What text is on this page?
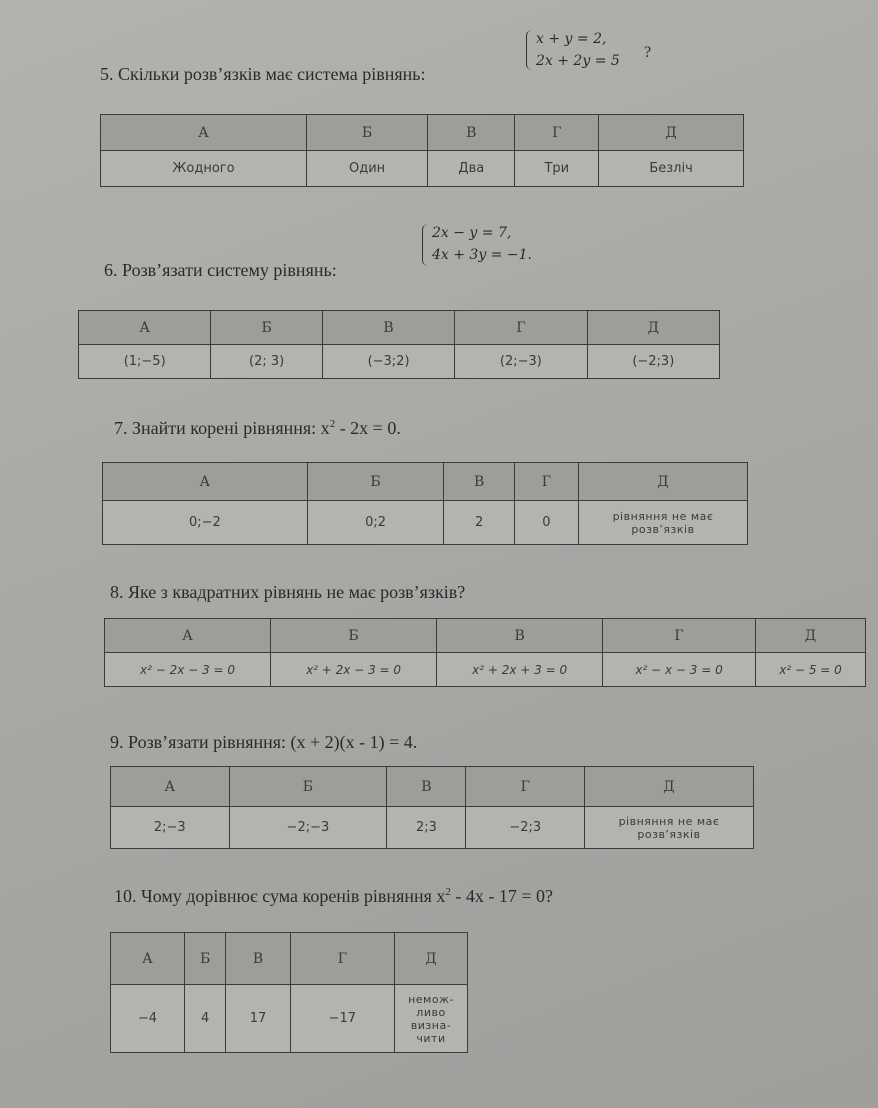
5. Скільки розв’язків має система рівнянь:
x + y = 2,
2x + 2y = 5 ?
А	Б	В	Г	Д
Жодного	Один	Два	Три	Безліч
6. Розв’язати систему рівнянь:
2x − y = 7,
4x + 3y = −1.
А	Б	В	Г	Д
(1;−5)	(2; 3)	(−3;2)	(2;−3)	(−2;3)
7. Знайти корені рівняння: $x^2 - 2x = 0$.
А	Б	В	Г	Д
0;−2	0;2	2	0	рівняння не має розв’язків
8. Яке з квадратних рівнянь не має розв’язків?
А	Б	В	Г	Д
x² − 2x − 3 = 0	x² + 2x − 3 = 0	x² + 2x + 3 = 0	x² − x − 3 = 0	x² − 5 = 0
9. Розв’язати рівняння: (x + 2)(x - 1) = 4.
А	Б	В	Г	Д
2;−3	−2;−3	2;3	−2;3	рівняння не має розв’язків
10. Чому дорівнює сума коренів рівняння $x^2 - 4x - 17 = 0$?
А	Б	В	Г	Д
−4	4	17	−17	немож-ливо визна-чити
